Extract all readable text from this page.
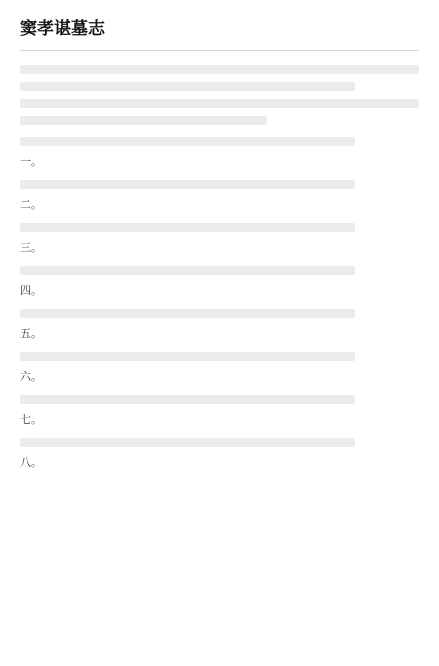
窦孝谌墓志
一。
二。
三。
四。
五。
六。
七。
八。
